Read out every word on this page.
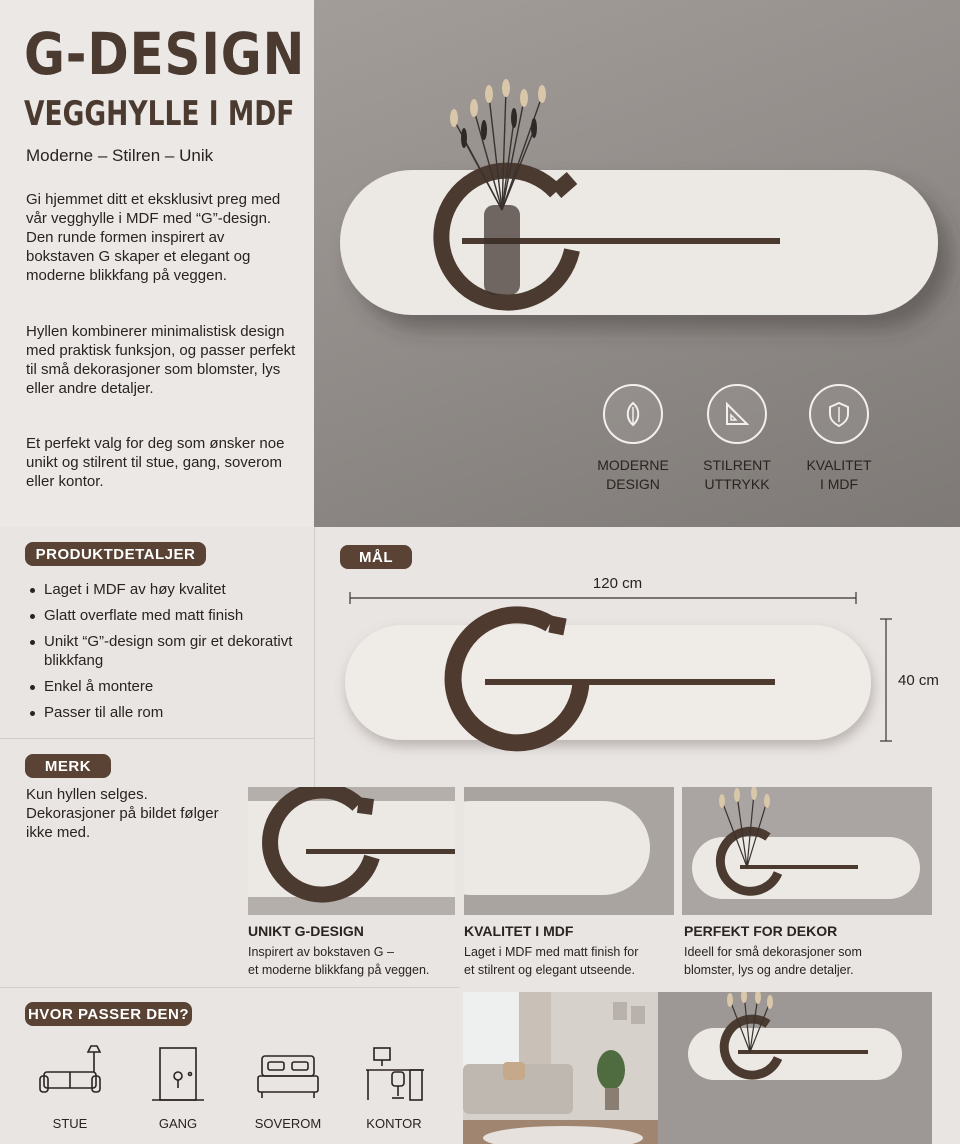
G-DESIGN
VEGGHYLLE I MDF
Moderne – Stilren – Unik

Gi hjemmet ditt et eksklusivt preg med vår vegghylle i MDF med “G”-design. Den runde formen inspirert av bokstaven G skaper et elegant og moderne blikkfang på veggen.

Hyllen kombinerer minimalistisk design med praktisk funksjon, og passer perfekt til små dekorasjoner som blomster, lys eller andre detaljer.

Et perfekt valg for deg som ønsker noe unikt og stilrent til stue, gang, soverom eller kontor.

MODERNE
DESIGN
STILRENT
UTTRYKK
KVALITET
I MDF
PRODUKTDETALJER
Laget i MDF av høy kvalitet
Glatt overflate med matt finish
Unikt “G”-design som gir et dekorativt blikkfang
Enkel å montere
Passer til alle rom
MÅL
120 cm
40 cm
MERK

Kun hyllen selges. Dekorasjoner på bildet følger ikke med.

UNIKT G-DESIGN
Inspirert av bokstaven G –
et moderne blikkfang på veggen.
KVALITET I MDF
Laget i MDF med matt finish for
et stilrent og elegant utseende.
PERFEKT FOR DEKOR
Ideell for små dekorasjoner som
blomster, lys og andre detaljer.
HVOR PASSER DEN?
STUE	GANG	SOVEROM	KONTOR
